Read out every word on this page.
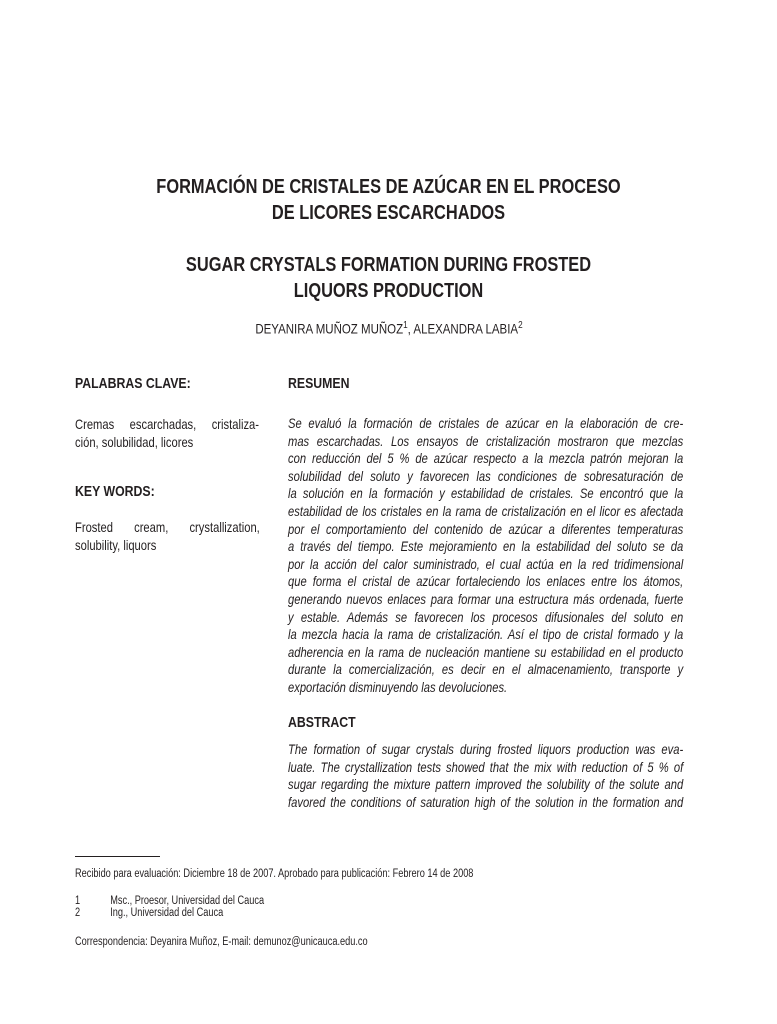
FORMACIÓN DE CRISTALES DE AZÚCAR EN EL PROCESO
DE LICORES ESCARCHADOS
SUGAR CRYSTALS FORMATION DURING FROSTED
LIQUORS PRODUCTION
DEYANIRA MUÑOZ MUÑOZ$^1$, ALEXANDRA LABIA$^2$
PALABRAS CLAVE:	RESUMEN
Cremas escarchadas, cristaliza-
ción, solubilidad, licores
KEY WORDS:
Frosted cream, crystallization,
solubility, liquors
Se evaluó la formación de cristales de azúcar en la elaboración de cre-
mas escarchadas. Los ensayos de cristalización mostraron que mezclas
con reducción del 5 % de azúcar respecto a la mezcla patrón mejoran la
solubilidad del soluto y favorecen las condiciones de sobresaturación de
la solución en la formación y estabilidad de cristales. Se encontró que la
estabilidad de los cristales en la rama de cristalización en el licor es afectada
por el comportamiento del contenido de azúcar a diferentes temperaturas
a través del tiempo. Este mejoramiento en la estabilidad del soluto se da
por la acción del calor suministrado, el cual actúa en la red tridimensional
que forma el cristal de azúcar fortaleciendo los enlaces entre los átomos,
generando nuevos enlaces para formar una estructura más ordenada, fuerte
y estable. Además se favorecen los procesos difusionales del soluto en
la mezcla hacia la rama de cristalización. Así el tipo de cristal formado y la
adherencia en la rama de nucleación mantiene su estabilidad en el producto
durante la comercialización, es decir en el almacenamiento, transporte y
exportación disminuyendo las devoluciones.
ABSTRACT
The formation of sugar crystals during frosted liquors production was eva-
luate. The crystallization tests showed that the mix with reduction of 5 % of
sugar regarding the mixture pattern improved the solubility of the solute and
favored the conditions of saturation high of the solution in the formation and
Recibido para evaluación: Diciembre 18 de 2007. Aprobado para publicación: Febrero 14 de 2008
1	Msc., Proesor, Universidad del Cauca
2	Ing., Universidad del Cauca
Correspondencia: Deyanira Muñoz, E-mail: demunoz@unicauca.edu.co
